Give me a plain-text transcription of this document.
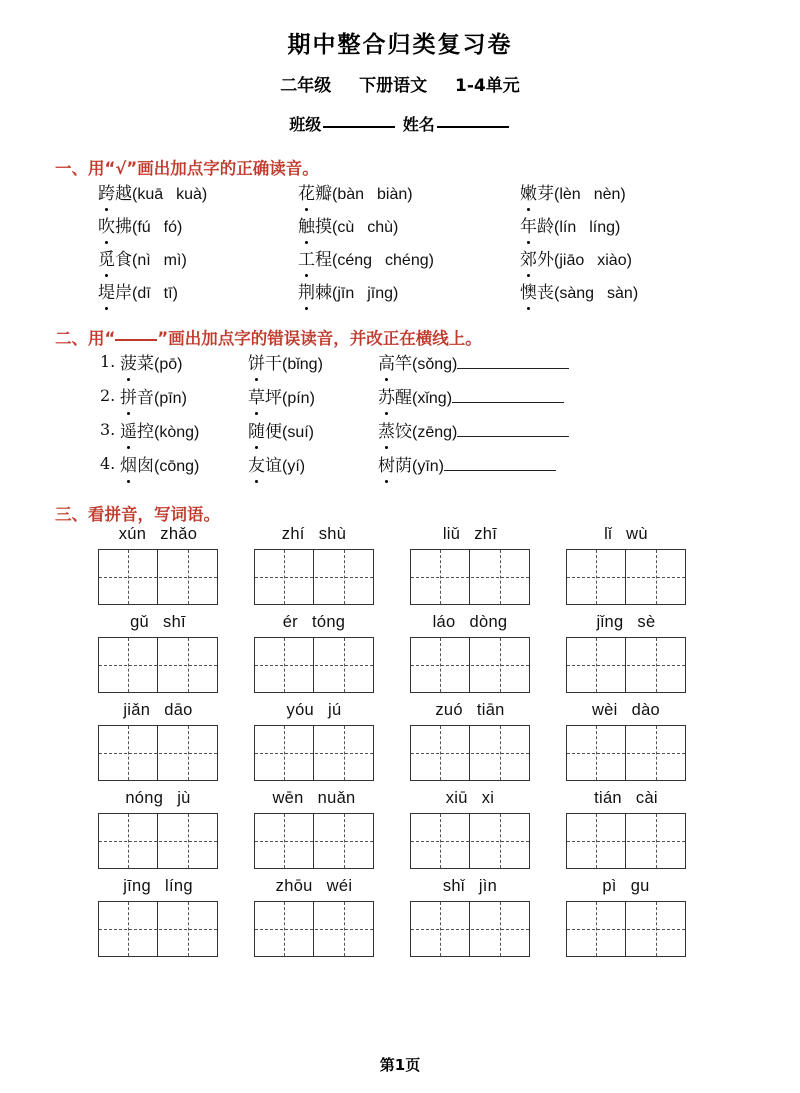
期中整合归类复习卷
二年级 下册语文 1-4单元
班级	姓名
一、用“√”画出加点字的正确读音。
跨越(kuā kuà)	花瓣(bàn biàn)	嫩芽(lèn nèn)
吹拂(fú fó)	触摸(cù chù)	年龄(lín líng)
觅食(nì mì)	工程(céng chéng)	郊外(jiāo xiào)
堤岸(dī tī)	荆棘(jīn jīng)	懊丧(sàng sàn)
二、用“	”画出加点字的错误读音，并改正在横线上。
1. 菠菜(pō)	饼干(bǐng)	高竿(sǒng)
2. 拼音(pīn)	草坪(pín)	苏醒(xǐng)
3. 遥控(kòng)	随便(suí)	蒸饺(zēng)
4. 烟囱(cōng)	友谊(yí)	树荫(yīn)
三、看拼音，写词语。
xún zhǎo	zhí shù	liǔ zhī	lǐ wù
gǔ shī	ér tóng	láo dòng	jǐng sè
jiǎn dāo	yóu jú	zuó tiān	wèi dào
nóng jù	wēn nuǎn	xiū xi	tián cài
jīng líng	zhōu wéi	shǐ jìn	pì gu
第1页
